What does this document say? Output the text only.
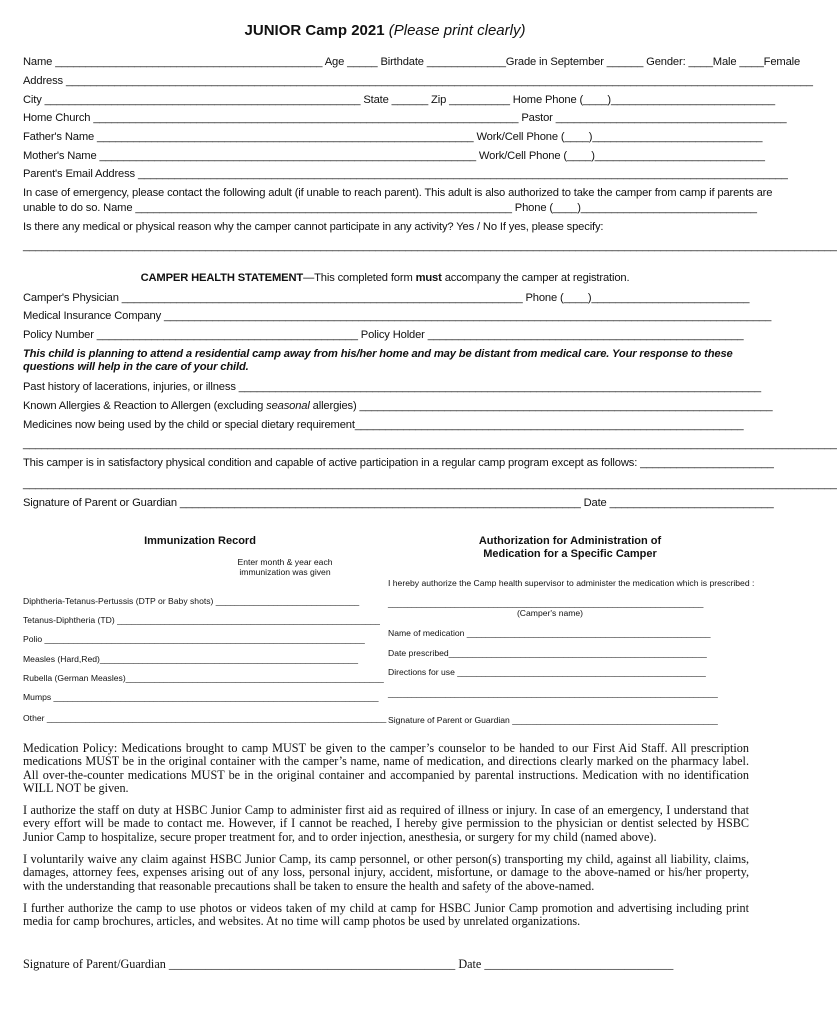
JUNIOR Camp 2021 (Please print clearly)
Name ____________________________________________ Age _____ Birthdate _____________Grade in September ______ Gender: ____Male ____Female
Address ___________________________________________________________________________________________________________________________
City ____________________________________________________ State ______ Zip __________ Home Phone (____)___________________________
Home Church ______________________________________________________________________ Pastor ______________________________________
Father's Name ______________________________________________________________ Work/Cell Phone (____)____________________________
Mother's Name ______________________________________________________________ Work/Cell Phone (____)____________________________
Parent's Email Address ___________________________________________________________________________________________________________
In case of emergency, please contact the following adult (if unable to reach parent). This adult is also authorized to take the camper from camp if parents are
unable to do so. Name ______________________________________________________________ Phone (____)_____________________________
Is there any medical or physical reason why the camper cannot participate in any activity? Yes / No If yes, please specify:
______________________________________________________________________________________________________________________________________
CAMPER HEALTH STATEMENT—This completed form must accompany the camper at registration.
Camper's Physician __________________________________________________________________ Phone (____)__________________________
Medical Insurance Company ____________________________________________________________________________________________________
Policy Number ___________________________________________ Policy Holder ____________________________________________________
This child is planning to attend a residential camp away from his/her home and may be distant from medical care. Your response to these questions will help in the care of your child.
Past history of lacerations, injuries, or illness ______________________________________________________________________________________
Known Allergies & Reaction to Allergen (excluding seasonal allergies) ____________________________________________________________________
Medicines now being used by the child or special dietary requirement________________________________________________________________
______________________________________________________________________________________________________________________________________
This camper is in satisfactory physical condition and capable of active participation in a regular camp program except as follows: ______________________
______________________________________________________________________________________________________________________________________
Signature of Parent or Guardian __________________________________________________________________ Date ___________________________
Immunization Record
Enter month & year each
immunization was given
Diphtheria-Tetanus-Pertussis (DTP or Baby shots) ______________________________
Tetanus-Diphtheria (TD) _______________________________________________________
Polio ___________________________________________________________________
Measles (Hard,Red)______________________________________________________
Rubella (German Measles)______________________________________________________
Mumps ____________________________________________________________________
Other _______________________________________________________________________
Authorization for Administration of
Medication for a Specific Camper
I hereby authorize the Camp health supervisor to administer the medication which is prescribed :
__________________________________________________________________
(Camper's name)
Name of medication ___________________________________________________
Date prescribed______________________________________________________
Directions for use ____________________________________________________
_____________________________________________________________________
Signature of Parent or Guardian ___________________________________________
Medication Policy: Medications brought to camp MUST be given to the camper’s counselor to be handed to our First Aid Staff. All prescription medications MUST be in the original container with the camper’s name, name of medication, and directions clearly marked on the pharmacy label. All over-the-counter medications MUST be in the original container and accompanied by parental instructions. Medication with no identification WILL NOT be given.
I authorize the staff on duty at HSBC Junior Camp to administer first aid as required of illness or injury. In case of an emergency, I understand that every effort will be made to contact me. However, if I cannot be reached, I hereby give permission to the physician or dentist selected by HSBC Junior Camp to hospitalize, secure proper treatment for, and to order injection, anesthesia, or surgery for my child (named above).
I voluntarily waive any claim against HSBC Junior Camp, its camp personnel, or other person(s) transporting my child, against all liability, claims, damages, attorney fees, expenses arising out of any loss, personal injury, accident, misfortune, or damage to the above-named or his/her property, with the understanding that reasonable precautions shall be taken to ensure the health and safety of the above-named.
I further authorize the camp to use photos or videos taken of my child at camp for HSBC Junior Camp promotion and advertising including print media for camp brochures, articles, and websites. At no time will camp photos be used by unrelated organizations.
Signature of Parent/Guardian _______________________________________________ Date _______________________________
